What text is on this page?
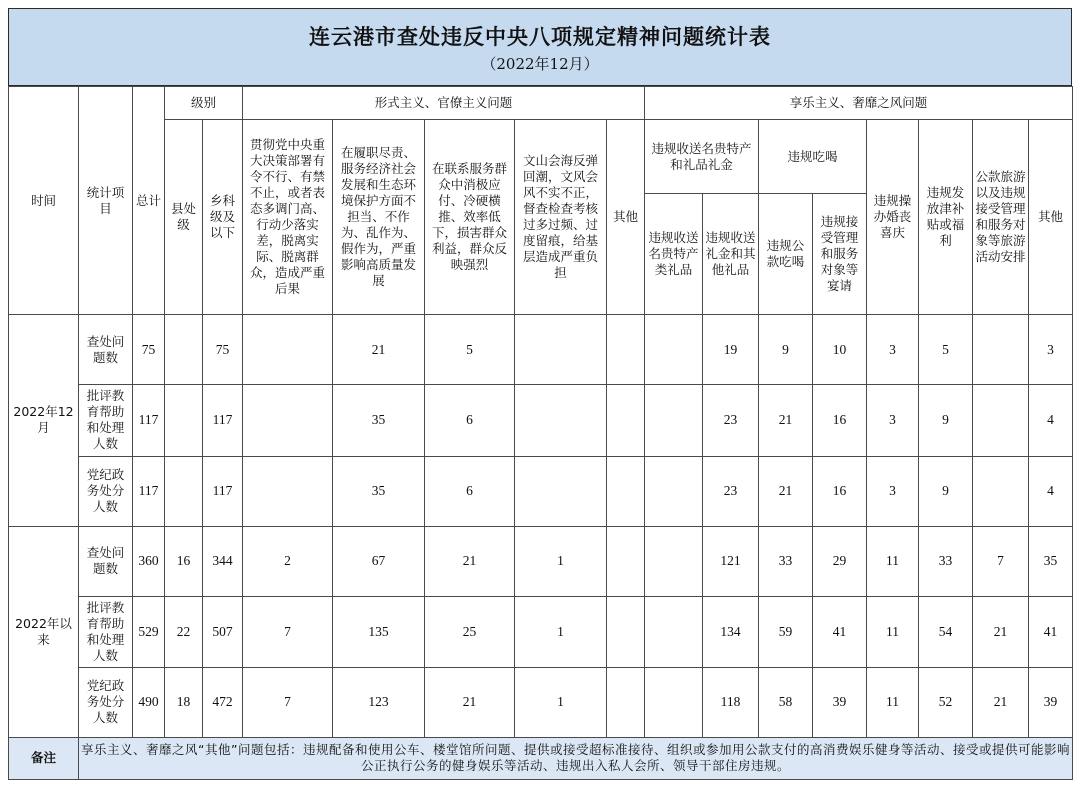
连云港市查处违反中央八项规定精神问题统计表
（2022年12月）
时间	统计项目	总计	级别		形式主义、官僚主义问题					享乐主义、奢靡之风问题							
			县处级	乡科级及以下	贯彻党中央重大决策部署有令不行、有禁不止，或者表态多调门高、行动少落实差，脱离实际、脱离群众，造成严重后果	在履职尽责、服务经济社会发展和生态环境保护方面不担当、不作为、乱作为、假作为，严重影响高质量发展	在联系服务群众中消极应付、冷硬横推、效率低下，损害群众利益，群众反映强烈	文山会海反弹回潮，文风会风不实不正，督查检查考核过多过频、过度留痕，给基层造成严重负担	其他	违规收送名贵特产和礼品礼金		违规吃喝		违规操办婚丧喜庆	违规发放津补贴或福利	公款旅游以及违规接受管理和服务对象等旅游活动安排	其他
										违规收送名贵特产类礼品	违规收送礼金和其他礼品	违规公款吃喝	违规接受管理和服务对象等宴请				
2022年12月	查处问题数	75		75		21	5				19	9	10	3	5		3
	批评教育帮助和处理人数	117		117		35	6				23	21	16	3	9		4
	党纪政务处分人数	117		117		35	6				23	21	16	3	9		4
2022年以来	查处问题数	360	16	344	2	67	21	1			121	33	29	11	33	7	35
	批评教育帮助和处理人数	529	22	507	7	135	25	1			134	59	41	11	54	21	41
	党纪政务处分人数	490	18	472	7	123	21	1			118	58	39	11	52	21	39
备注	享乐主义、奢靡之风“其他”问题包括：违规配备和使用公车、楼堂馆所问题、提供或接受超标准接待、组织或参加用公款支付的高消费娱乐健身等活动、接受或提供可能影响公正执行公务的健身娱乐等活动、违规出入私人会所、领导干部住房违规。																
